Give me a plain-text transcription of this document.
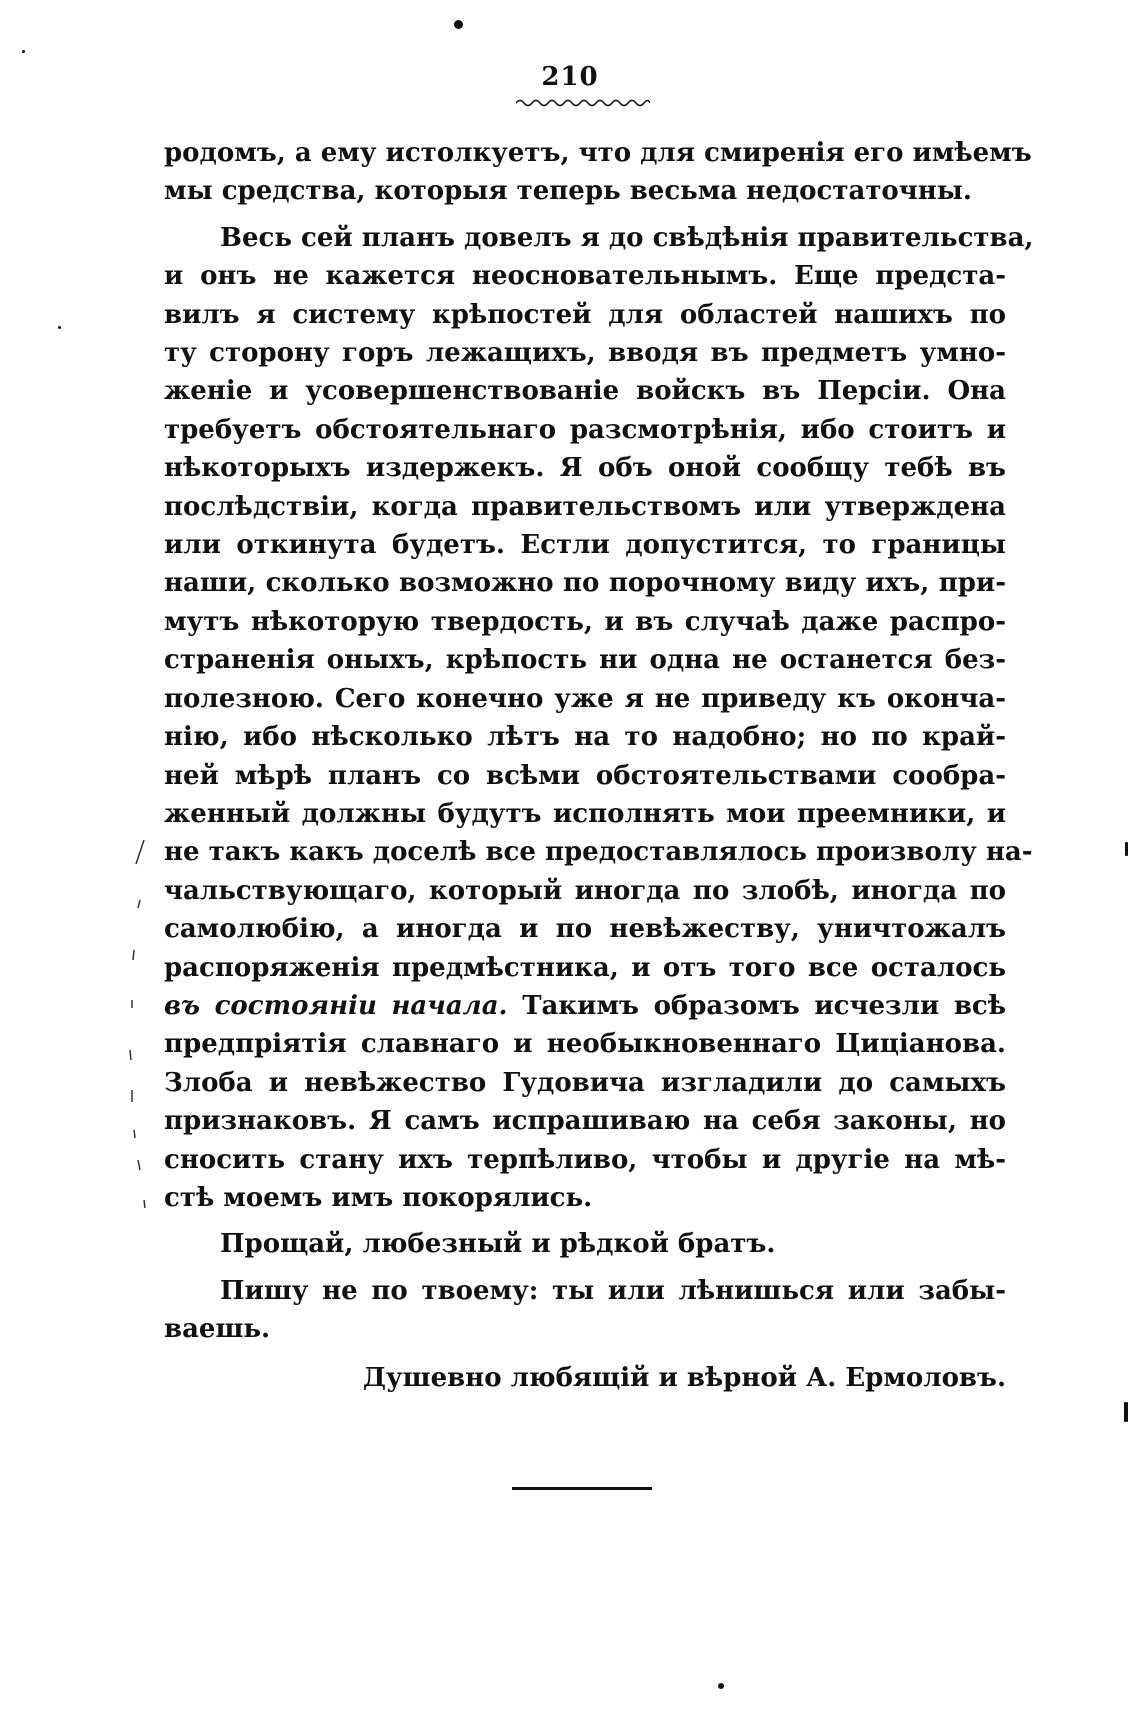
210
родомъ, а ему истолкуетъ, что для смиренія его имѣемъ
мы средства, которыя теперь весьма недостаточны.
Весь сей планъ довелъ я до свѣдѣнія правительства,
и онъ не кажется неосновательнымъ. Еще предста-
вилъ я систему крѣпостей для областей нашихъ по
ту сторону горъ лежащихъ, вводя въ предметъ умно-
женіе и усовершенствованіе войскъ въ Персіи. Она
требуетъ обстоятельнаго разсмотрѣнія, ибо стоитъ и
нѣкоторыхъ издержекъ. Я объ оной сообщу тебѣ въ
послѣдствіи, когда правительствомъ или утверждена
или откинута будетъ. Естли допустится, то границы
наши, сколько возможно по порочному виду ихъ, при-
мутъ нѣкоторую твердость, и въ случаѣ даже распро-
страненія оныхъ, крѣпость ни одна не останется без-
полезною. Сего конечно уже я не приведу къ оконча-
нію, ибо нѣсколько лѣтъ на то надобно; но по край-
ней мѣрѣ планъ со всѣми обстоятельствами сообра-
женный должны будутъ исполнять мои преемники, и
не такъ какъ доселѣ все предоставлялось произволу на-
чальствующаго, который иногда по злобѣ, иногда по
самолюбію, а иногда и по невѣжеству, уничтожалъ
распоряженія предмѣстника, и отъ того все осталось
въ состояніи начала. Такимъ образомъ исчезли всѣ
предпріятія славнаго и необыкновеннаго Циціанова.
Злоба и невѣжество Гудовича изгладили до самыхъ
признаковъ. Я самъ испрашиваю на себя законы, но
сносить стану ихъ терпѣливо, чтобы и другіе на мѣ-
стѣ моемъ имъ покорялись.
Прощай, любезный и рѣдкой братъ.
Пишу не по твоему: ты или лѣнишься или забы-
ваешь.
Душевно любящій и вѣрной А. Ермоловъ.
